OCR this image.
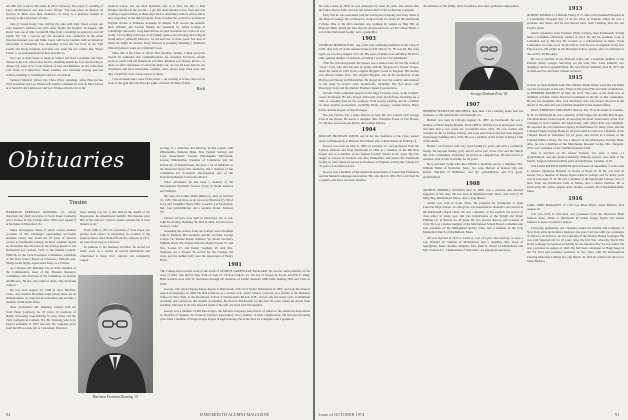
and Bill will work for his father in P.F.O. Services. The paper (? wedding of Larry Mallinckrodt and Ann Lowe Thayer '74) took place in Boston on October 6. Both were their residence, as Larry is a graduate student in geology at the University of Oslo.

Jane (2 Sound Route Cole visiting the cake with Sally Meret at best our Curt Gunther's husband out with other Sigma Nu buddies. In August, Jim Reeve was one of nine Cornerhill Nike from a wedding reception by over 20 Sigma Nu '74s -- reports say the reception was conducted in the usual fraternal manner. Lee and Mike Carey will be in London with an historical fellowship at Vanderbilt Law. Rounding across the last from us are Tom Catani and Doug Peabody, and after one week the two claims that "Paper Clean" is an understatement of how hard DC is.

Two sex in Paul Stone at medical School and Paul Lotsmann and Dave Svenes at the law school. Ray Rolf is attending Kentucky Law and moving to Alaska (?), Lane at St. Louis School of Law and Business. At the same time Carl Dave at Connecticut. Dean Crandor was excitedly staying (see his compt) attending to Washington and its Law School.

Stanford Medical School has Chris Wiley attending, while Harvard has Walt Lotsmann and Lee Wentworth. Judith Lotsmann are now in Med School is at Seidell Labs Lamberton and Lew Wentworth who are at the

medical school, and see Dick Spellman who is at Tees. On July 1, Ben Bridges enrolled in the second -- I got this short-handed to me, York and was looking to spend money in these days. Rob is attending business school and is now supervisor of the third program. Peter Goecker has received a position in English teacher at Fisheries Academy in Miami, N.H. Across the Atlantic Rick Wiliams and Gordon Walker are attending St. John's College at Cambridge University. Greg Marvell has an open invitation for a place to stay in any 74 travelling in Europe. Tom Winkle plans to be traveling and living in North Africa, primarily Morocco, for the next two or three years. Not sure of where he might be located, Doug Johnson is presently finishing a children's film and plans to work on a children's book.

Since this is the Class of 1974's first monthly column, I think everyone should be reminded that communications are essential. Everyone should recall to touch with old hometown activities. Reunion cost money, please-- or those of other classmates. If everyone helps out, we can all keep tabs on our classmates and have interesting columns. Also, please keep track your and they can fill the class classes below so those.

I am an undercoater some of the paper ... up wearing or in the clays last in front of the gym after the Harvard game--October 26. Best of luck.

Rick
Obituaries
Trustee

HARRISON FREEMAN DUNNING '31, retired chairman and chief executive of Scott Paper Company and a Trustee of this College since 1966, died August 9 at his home in Haverford, Pa.

Major newspapers, many of which carried detailed accounts of Mr. Dunning's outstanding successful business career, also noted the 10 years of devoted service to Dartmouth College. In these columns should be chronicled any direction in the Trustee Room of the Dartmouth Law School, 1955, to the Alumni Council, 1960-66, in the Tuck Executive Committee, Chairman of the Tuck School Board of Overseers, 1956-66, and, finally, in his highly appreciated many as a Trustee.

As a Trustee, Mr. Dunning was an active member of the Commissions, head of the Trustee's Resource Committee, and chairman of the Committee on Inverse and Bravery. He also was a man of quiet, wise and frank counsel.

He was born August 23, 1908 in West Hartford, Conn., and attended Hotchkiss high school there. As an undergraduate, he majored in economics and became a member of Phi Delta Theta.

After graduation, Mr. Dunning worked with the Scott Paper Company for 37 years, in positions of highly increasing responsibility in what many call the Fells Company in Camden, N.J. Mr. Dunning who Scott Paper's president in 1955 and saw the company grow from the $35-a-week job as a salesman. Directors

show selling was not at that time in the depths of the Depression, he remembered ruefully. The Inquirer gave him as the stalwart "when it counts, remain that is what matters to do."

From 1966 to 1971 he was head of Scott Paper and guided such efforts as expanding its position in the paper products field. Retired from the company in 1971, he went on serving as a director.

In addition to his business activities, he served for many years as a trustee of several institutions and contributed to many civic, cultural, and community causes.

Harrison Freeman Dunning '31

serving as a chairman and Director in this regard, with Philadelphia National Bank, First Federal Savings and Loan Association, Greater Philadelphia Movement, Greater Philadelphia Chamber of Commerce and the University of Pennsylvania. He gave a lot of Medicine to the Delaware River Port Authority and a member of the Committee for Economic Development and of the National Industrial Conference Board.

Since retirement, he had been a member of the International Executive Service Corps in South America and Trinidad.

His wife, the former Marie (Morrow), died on October 10, 1959. She survives, as do two sons; Harrison (?), '68 of Gary, Ind. Daughter Nancy (Mrs. Joseph L.) of Evansville, Ind.; four grandchildren; and a nephew, Robert Johnson '62.

Funeral services were held in Haverford, Pa. A son, John Trowbridge Dunning '56, died in 1964, and lived was in Avon, Conn.

Attending the service from the College were President John G. Kemeny, Mrs. Kemeny, and Mr. and Mrs. George Colton '74; Trustee Robert Kilmarx '52, Board Secretary William Davis '38, Trustee Emeritus Ralph Sooner '27 and Mrs. Sooner '27, and Robert Stephens '25 with Mrs. Stephens. As a Trustee, he served for the College, his class, and the alumni body were the importance of Henry Hyatt.

1901

The College has received word of the death of GEORGE GREENLEAF PACKARD, the second oldest member of the class of 1901, who died in New York on Sept 27, 1974 at Ludlow, Vt., the son of George B. Eaton, and Ella F. Wing. Both brothers were with W. Stevenson through 20/ reunions, of Faiths' Vermont 1896-1900, making 1895 and Class of 1901.

George, who joined Kappa Kappa Kappa at Dartmouth, with all of Senior Orientation in 1905, and took his masters degree in languages in 1906. He held positions as a teacher at St. Paul's School, Concord, as a teacher at the Berkeley School of New York, at the Dorchester School at Northeastern Boston, N.H., and for the last many years at Dumfield Academy and Glenwood, the Seaside Academies. He lived in Dartmouth, for the next 50 years, where he retired from teaching. The later in his life, after the death of his wife, he lived with his daughter.

George was a member of Phi Beta Kappa, the Modern Language Association of America, the American Association of Teachers of Spanish, the National Teachers Association, and a number of other organizations. He had also for many years been a member of Kappa Kappa Kappa in high standing. He is survived by a daughter and a grandson.

84	DARTMOUTH ALUMNI MAGAZINE

his wife Louise in 1909, he was employed by some 50 years, and retired after his father died in 1960, and was the retired Chief of his Goldwynn Company.

Early that he was associated with the Goldwynn Company and many times at the Boston College. He continued to work at home for about all the Dartmouth College. One of his life's interests was walking by wagon up Bug Hill on Hanover Hills; during his later days he and his survivors are his widow Helen, a son in the Dartmouth faculty, and a grandchild.

1903

GEORGE DENHAM FOSS, one of the four remaining members of the Class of 1903, died July 26 at his summer home in Fair Haven, Vt. He was 94. His class agent, he was the youngest of us all. His sense of humor was unfailing. He had a truly unusual number of interests, including a great love for Dartmouth.

With his rich background, the theater was a natural bent for the life work of "Goat." Foss, who after his start by going with the "Rogues in a Tavern" troupe, made his debut in 1905 in the original Higgins' Crook in England. His mother was Harriet Kuhne Foss. The original Higgins' was in the production at the Hollywood Theater in Philadelphia. He played all over the country and returned to the stage in several other productions, including The Red Rose with Broadway Lady and the Shubert Brothers' musical productions.

Several of his companies played on the stage for many years, as his brother's career developed. He also played with many stage productions, including for a time as a leading man for the company. With George playing, and in a number of other notable productions, including Hello, George, Golden Dawn, Harry Farm, and the Rogues of that Prologue.

His son Charles was a radio director in later life and worked with George Foss in the theater. He leaves a daughter, Mrs. Elisabeth Foster of Fair Haven, Vt. He also leaves his son David, the College Library.

1904

ROSCOE BRONSON SMITH, one of the few members of the Class, passed away in Minneapolis at Hanover Rest Home after a short illness on February 4.

Roscoe was born on May 8, 1882, in Lyndon, Vt., and graduated from the Lyndon Institute and from Dartmouth in 1904 as a member of the Phi Beta Kappa and as a member of the famous football "Green Gold" team. He later taught at schools in Vermont and New Hampshire, and joined the Dartmouth faculty in 1910 where he served as Professor of English, serving the College for 35 years of excellent service.

Roscoe was a member of the American Association of University Professors and the Modern Language Association. His wife died in 1954. He is survived by a nephew and niece and their families.

the members of the family, Avi's classmates after their graduated employment.

George Denham Foss '03
1907

HERBERT HASELTON MITCHELL died June 1 in a nursing home near his residence at 190 Ashville Rd. in Pittsburgh, Pa.

Herbert was born in Chicago August 16, 1887. At Dartmouth, he was a member of Delta Kappa Epsilon. From 1908 to 1920 he was in newspaper work, and then had a real estate tax accountant since 1931. He was cashier and treasurer of the Le Grange Savings and Loan Association and had been engaged in mortgage banking since 1936. He was a member of the Grand O Rotary Club of Brookline.

Herbert was blessed with very good health for years and with a wonderful family. He enjoyed fishing, golf, and an active part in the civic and the church life of his community. Politically, he served as a Republican. He also served as assistant clerk at Our Township for 30 years.

He is survived by his wife, Mrs. Phyllis L. Robbins, and by a daughter, Mrs. William Fisher of Nashville, Tenn.; two sons, Herbert of Kansas City and Robert Mitchell of Baltimore, and six grandchildren and five great-grandchildren.

1908

ARTHUR MERRILL WYMAN died of 1908, was a pleasant and devoted supporter of the class. He was born in Middleborough, Mass., and lived at 26 Mary Bay, Marblehead, Mass., after a long illness.

Arthur was born in Lynn, Mass. He prepared for Dartmouth at Lynn Classical High School. In college he was interested in dramatics and served in the Dartmouth Chapel Choir. He was a member of Psi Upsilon. He served as class editor in senior year and was valedictorian of the Wright and Potter Printing Co. in Boston for 40 years. He was elected director and treasurer in 1944. He was a former member of the Marblehead School Board, a member and past president of the Marblehead Rotary Club, and a member of the First Methodist Church of Marblehead, Mass.

Art was married in 1915 to Laura A. Carr of Lynn. She survives, as does a son, Richard W. Wyman of Marblehead, and a daughter, Mrs. Rose of Springfield, Mass. Another daughter, Mrs. Ruth N. Weber of Marblehead, and Mrs. Frederick C. Chamberlain of Wisconsin, are among his survivors.

1913

ALBERT KIMBALL of Putnam Valley, N. Y. died at the Peekskill Hospital in a Community Hospital July 14 in the 83rd. At Putnam Valley he was a gardener and fisher, and he had moved there from Flushing after his son Floyd's death.

Albert graduated from Fremont (Neb) College, then Dartmouth, having been a Columbia University student in 1913. He did his graduate work at Columbia and at Harvard. He worked as a schoolmaster in Mass. Trade Companies for some years. From 1913 to 1917 he was an engineer in the Fort Edward area. He taught in the Brooklyn School system, and was principal at the old P.S. 99 Brooklyn.

He was a member of the Masonic order, and a longtime member of the Putnam Valley Grange. Surviving are his wife, Mrs. Leila Kimball, two daughters and five grandchildren. His son, Harold Kimball, died in 1973. All of them survive and many tributes received.

1915

A letter to Dean Kimball from Mrs. Herbert Mann brings word that his father was the lost leader of his early 1910s in this grand Harvard shaft of Medicine, as HERBERT BACHETT on May 28, 1973. The cause of his death was an untimely accident. James had been prominent in the life of that community. He has two daughters, Mrs. Jack Newberry, who was always involved in the affairs of the class and was a faithful attendant in the alumni affairs.

PAUL EMERSON SARGEANT died on July 16 in his home in Camden, N. H. At Dartmouth he was a member of Phi Kappa Psi and Phi Beta Kappa. The Manchester Union Leader, in reporting his death, listed many of his civic activities in both Camden and Manchester, with which Paul was identified. He operated his own insurance agency in Manchester for many years, and the Camden Family Savings Bank for 45 years until he retired as a member of the Camden Board of Selectmen for 16 years, and served as a trustee of the Camden Public Library. He was a director of the Manchester Savings Bank. Also, he was a member of the Manchester Masonic Lodge. Mrs. Sargeant, Olive was a member of the Camden Women's Club.

Paul is survived by his widow Frances, two sons, a niece, 11 grandchildren, and one great-grandchild. Funeral services were held at the Paul E. Sargeant Memorial Hall, parts of Parishioner, Camden, N. H.

WILLIAM PATRICK KERWIN died in Keene on September 5 at his John F. Andrew Memorial Hospital on Keene at Road, N. H. He was born in Keene, was a member of Kappa Sigma while in college, and for many years was in Lancaster, N. H. He was a member of the Dartmouth College Club of New York, the Dartmouth Club of Maine, and a charter member. He is survived by his widow Angela and a brother, Gordon '19 of Northumberland, Mass.

1916

CARL JOHN BARQUIST of 1110 Los Pinos Drive, Santa Barbara, died August 19.

Carl was born in Worcester and graduated from the Worcester High Schools there. While at Dartmouth he joined Kappa Sigma and owned Jamaica to have a bachelor's degree.

Following graduation, one classmate joined the monfor Old Company of New York while he became a manager; the store Carl was with was a manager of Tobacco. In Tobacco, he was president of the Atlantic Belted Irrigation. He was with Standard Oil for 25 years. After the first War, when the World War II, his company in Japanese In Peking he was interned after the war ended. He was a prisoner in August of 1945. He had been a manager in Hong Kong in the Far East and resumed operation of two years with the International Flowing Materials Limited in Long Beach. In 1952 he retired and moved to Santa Barbara.

Issue of OCTOBER 1974	91
